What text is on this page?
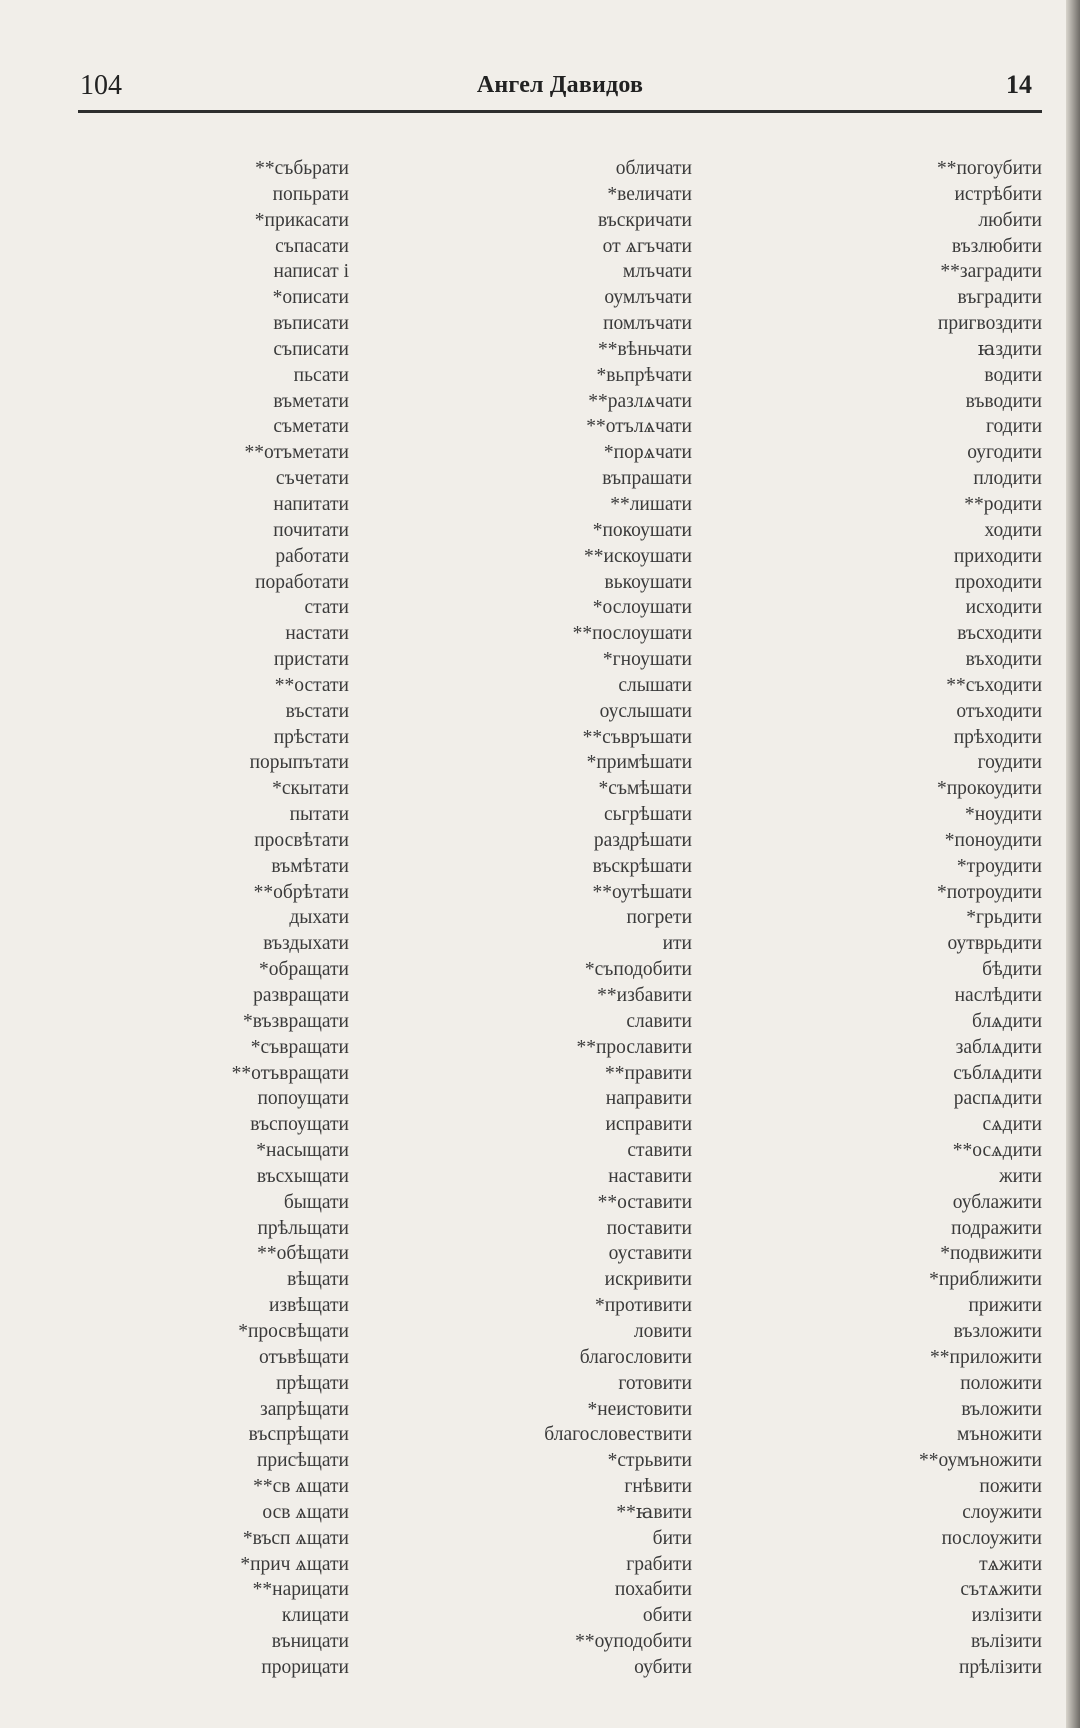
104	Ангел Давидов	14
**събьрати
попьрати
*прикасати
съпасати
написат і
*описати
въписати
съписати
пьсати
въметати
съметати
**отъметати
съчетати
напитати
почитати
работати
поработати
стати
настати
пристати
**остати
въстати
прѣстати
порыпътати
*скытати
пытати
просвѣтати
въмѣтати
**обрѣтати
дыхати
въздыхати
*обращати
развращати
*възвращати
*съвращати
**отъвращати
попоущати
въспоущати
*насыщати
въсхыщати
быщати
прѣльщати
**обѣщати
вѣщати
извѣщати
*просвѣщати
отъвѣщати
прѣщати
запрѣщати
въспрѣщати
присѣщати
**св ѧщати
осв ѧщати
*въсп ѧщати
*прич ѧщати
**нарицати
клицати
въницати
прорицати
обличати
*величати
въскричати
от ѧгъчати
млъчати
оумлъчати
помлъчати
**вѣньчати
*вьпрѣчати
**разлѧчати
**отълѧчати
*порѧчати
въпрашати
**лишати
*покоушати
**искоушати
вькоушати
*ослоушати
**послоушати
*гноушати
слышати
оуслышати
**съвръшати
*примѣшати
*съмѣшати
сьгрѣшати
раздрѣшати
въскрѣшати
**оутѣшати
погрети
ити
*съподобити
**избавити
славити
**прославити
**правити
направити
исправити
ставити
наставити
**оставити
поставити
оуставити
искривити
*противити
ловити
благословити
готовити
*неистовити
благословествити
*стрьвити
гнѣвити
**ꙗвити
бити
грабити
похабити
обити
**оуподобити
оубити
**погоубити
истрѣбити
любити
възлюбити
**заградити
въградити
пригвоздити
ꙗздити
водити
въводити
годити
оугодити
плодити
**родити
ходити
приходити
проходити
исходити
въсходити
въходити
**съходити
отъходити
прѣходити
гоудити
*прокоудити
*ноудити
*поноудити
*троудити
*потроудити
*грьдити
оутврьдити
бѣдити
наслѣдити
блѧдити
заблѧдити
съблѧдити
распѧдити
сѧдити
**осѧдити
жити
оублажити
подражити
*подвижити
*приближити
прижити
възложити
**приложити
положити
въложити
мъножити
**оумъножити
пожити
слоужити
послоужити
тѧжити
сътѧжити
излізити
вълізити
прѣлізити
